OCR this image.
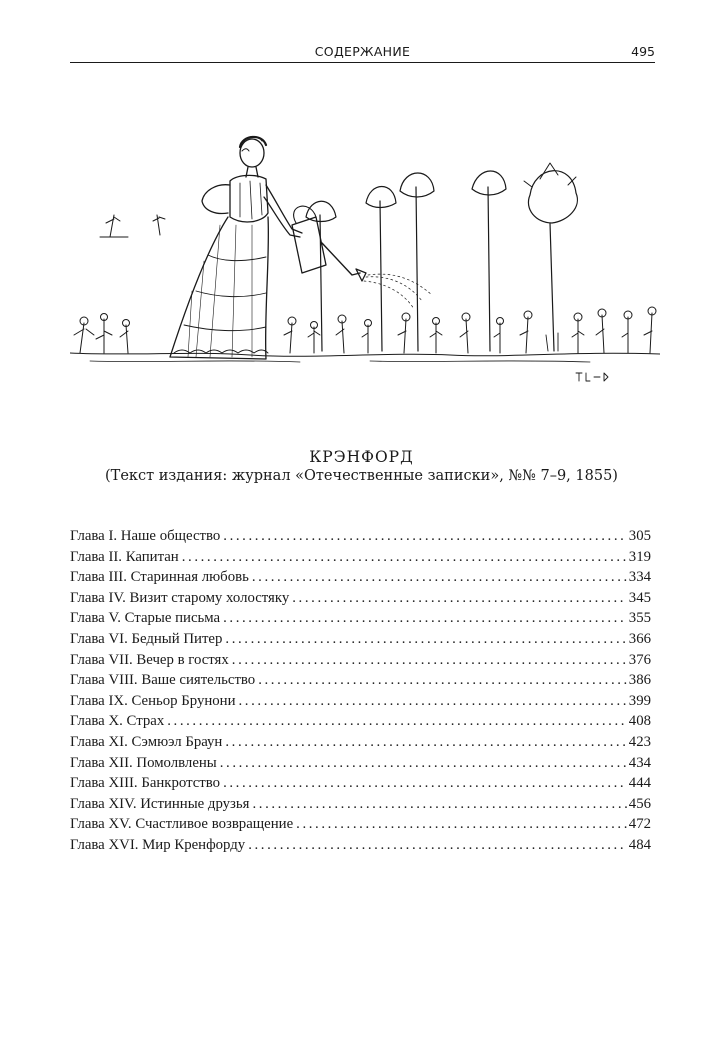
СОДЕРЖАНИЕ	495
КРЭНФОРД
(Текст издания: журнал «Отечественные записки», №№ 7–9, 1855)
Глава I. Наше общество .....	305
Глава II. Капитан .....	319
Глава III. Старинная любовь .....	334
Глава IV. Визит старому холостяку .....	345
Глава V. Старые письма .....	355
Глава VI. Бедный Питер .....	366
Глава VII. Вечер в гостях .....	376
Глава VIII. Ваше сиятельство .....	386
Глава IX. Сеньор Брунони .....	399
Глава X. Страх .....	408
Глава XI. Сэмюэл Браун .....	423
Глава XII. Помолвлены .....	434
Глава XIII. Банкротство .....	444
Глава XIV. Истинные друзья .....	456
Глава XV. Счастливое возвращение .....	472
Глава XVI. Мир Кренфорду .....	484
